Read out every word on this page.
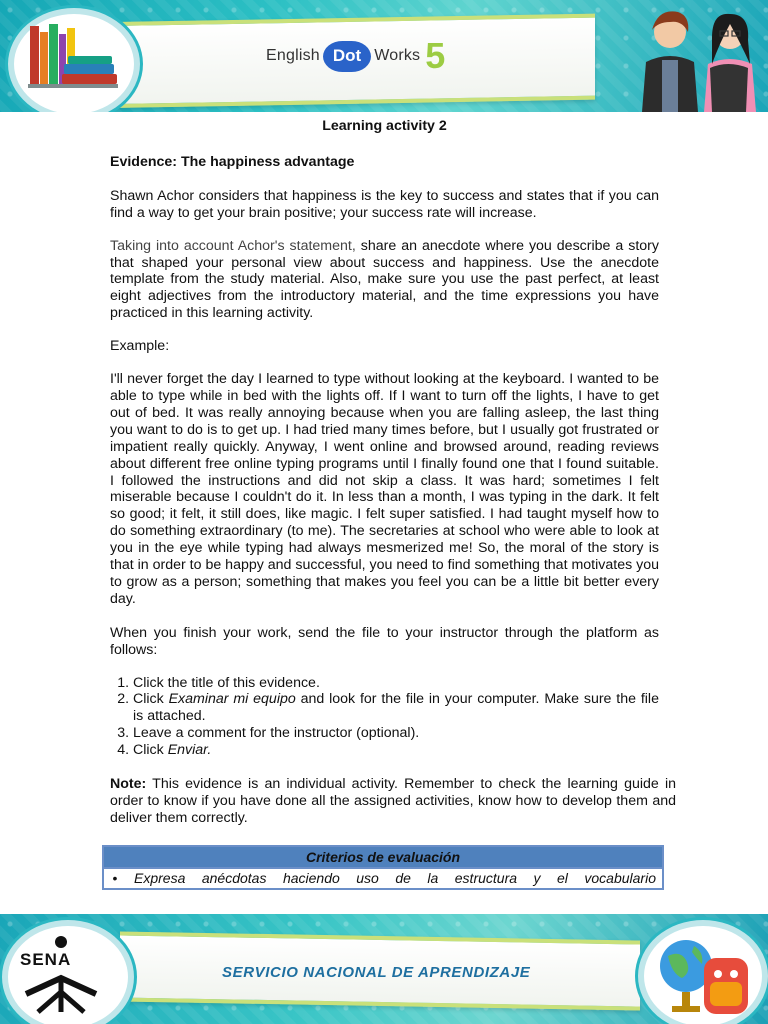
English Dot Works 5

Learning activity 2

Evidence: The happiness advantage

Shawn Achor considers that happiness is the key to success and states that if you can find a way to get your brain positive; your success rate will increase.

Taking into account Achor's statement, share an anecdote where you describe a story that shaped your personal view about success and happiness. Use the anecdote template from the study material. Also, make sure you use the past perfect, at least eight adjectives from the introductory material, and the time expressions you have practiced in this learning activity.

Example:

I'll never forget the day I learned to type without looking at the keyboard. I wanted to be able to type while in bed with the lights off. If I want to turn off the lights, I have to get out of bed. It was really annoying because when you are falling asleep, the last thing you want to do is to get up. I had tried many times before, but I usually got frustrated or impatient really quickly. Anyway, I went online and browsed around, reading reviews about different free online typing programs until I finally found one that I found suitable. I followed the instructions and did not skip a class. It was hard; sometimes I felt miserable because I couldn't do it. In less than a month, I was typing in the dark. It felt so good; it felt, it still does, like magic. I felt super satisfied. I had taught myself how to do something extraordinary (to me). The secretaries at school who were able to look at you in the eye while typing had always mesmerized me! So, the moral of the story is that in order to be happy and successful, you need to find something that motivates you to grow as a person; something that makes you feel you can be a little bit better every day.

When you finish your work, send the file to your instructor through the platform as follows:

1. Click the title of this evidence.
2. Click Examinar mi equipo and look for the file in your computer. Make sure the file is attached.
3. Leave a comment for the instructor (optional).
4. Click Enviar.

Note: This evidence is an individual activity. Remember to check the learning guide in order to know if you have done all the assigned activities, know how to develop them and deliver them correctly.

Criterios de evaluación
•	Expresa anécdotas haciendo uso de la estructura y el vocabulario
SENA
SERVICIO NACIONAL DE APRENDIZAJE
